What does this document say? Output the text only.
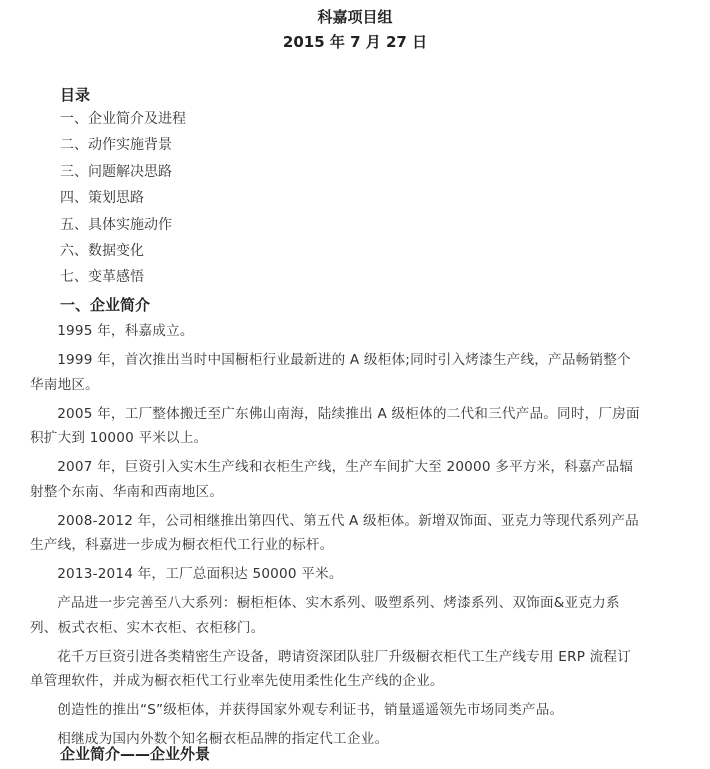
科嘉项目组
2015 年 7 月 27 日
目录
一、企业简介及进程
二、动作实施背景
三、问题解决思路
四、策划思路
五、具体实施动作
六、数据变化
七、变革感悟
一、企业简介

1995 年，科嘉成立。

1999 年，首次推出当时中国橱柜行业最新进的 A 级柜体;同时引入烤漆生产线，产品畅销整个华南地区。

2005 年，工厂整体搬迁至广东佛山南海，陆续推出 A 级柜体的二代和三代产品。同时，厂房面积扩大到 10000 平米以上。

2007 年，巨资引入实木生产线和衣柜生产线，生产车间扩大至 20000 多平方米，科嘉产品辐射整个东南、华南和西南地区。

2008-2012 年，公司相继推出第四代、第五代 A 级柜体。新增双饰面、亚克力等现代系列产品生产线，科嘉进一步成为橱衣柜代工行业的标杆。

2013-2014 年，工厂总面积达 50000 平米。

产品进一步完善至八大系列：橱柜柜体、实木系列、吸塑系列、烤漆系列、双饰面&亚克力系列、板式衣柜、实木衣柜、衣柜移门。

花千万巨资引进各类精密生产设备，聘请资深团队驻厂升级橱衣柜代工生产线专用 ERP 流程订单管理软件，并成为橱衣柜代工行业率先使用柔性化生产线的企业。

创造性的推出“S”级柜体，并获得国家外观专利证书，销量遥遥领先市场同类产品。

相继成为国内外数个知名橱衣柜品牌的指定代工企业。

企业简介——企业外景
